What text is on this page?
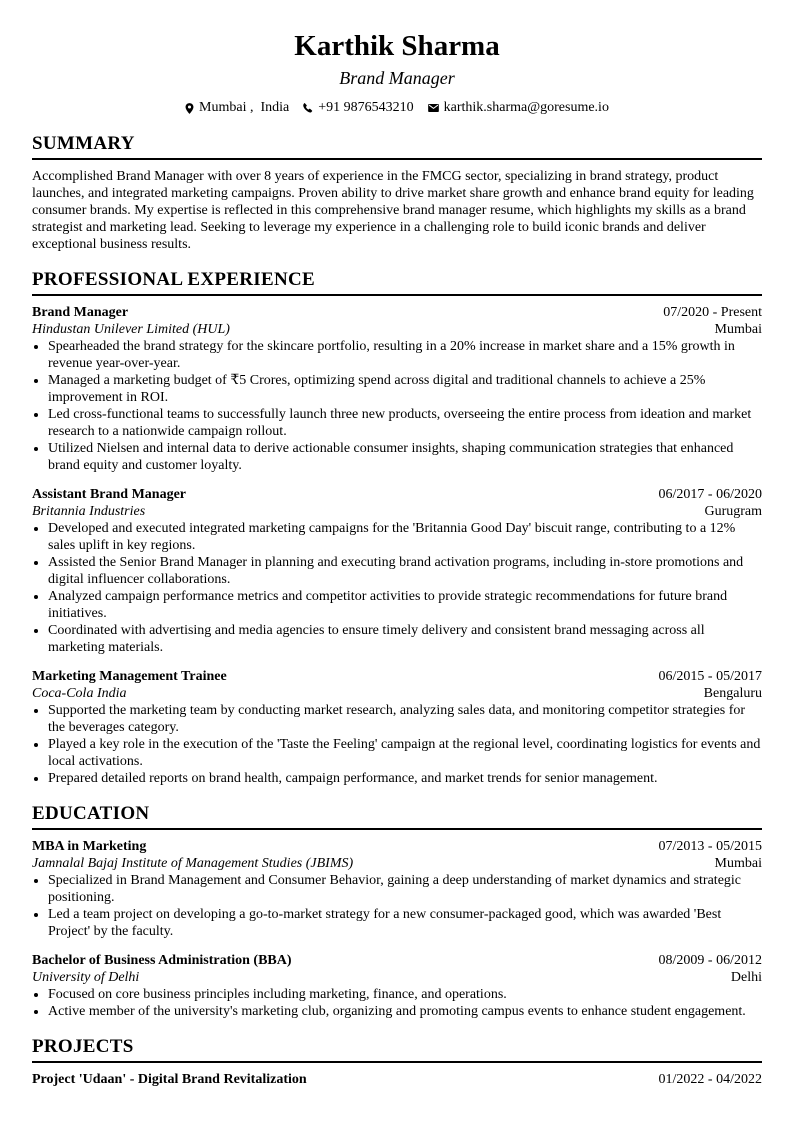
Karthik Sharma
Brand Manager
Mumbai ,  India +91 9876543210 karthik.sharma@goresume.io
SUMMARY

Accomplished Brand Manager with over 8 years of experience in the FMCG sector, specializing in brand strategy, product launches, and integrated marketing campaigns. Proven ability to drive market share growth and enhance brand equity for leading consumer brands. My expertise is reflected in this comprehensive brand manager resume, which highlights my skills as a brand strategist and marketing lead. Seeking to leverage my experience in a challenging role to build iconic brands and deliver exceptional business results.

PROFESSIONAL EXPERIENCE
Brand Manager	07/2020 - Present
Hindustan Unilever Limited (HUL)	Mumbai
• Spearheaded the brand strategy for the skincare portfolio, resulting in a 20% increase in market share and a 15% growth in revenue year-over-year.
• Managed a marketing budget of ₹5 Crores, optimizing spend across digital and traditional channels to achieve a 25% improvement in ROI.
• Led cross-functional teams to successfully launch three new products, overseeing the entire process from ideation and market research to a nationwide campaign rollout.
• Utilized Nielsen and internal data to derive actionable consumer insights, shaping communication strategies that enhanced brand equity and customer loyalty.
Assistant Brand Manager	06/2017 - 06/2020
Britannia Industries	Gurugram
• Developed and executed integrated marketing campaigns for the 'Britannia Good Day' biscuit range, contributing to a 12% sales uplift in key regions.
• Assisted the Senior Brand Manager in planning and executing brand activation programs, including in-store promotions and digital influencer collaborations.
• Analyzed campaign performance metrics and competitor activities to provide strategic recommendations for future brand initiatives.
• Coordinated with advertising and media agencies to ensure timely delivery and consistent brand messaging across all marketing materials.
Marketing Management Trainee	06/2015 - 05/2017
Coca-Cola India	Bengaluru
• Supported the marketing team by conducting market research, analyzing sales data, and monitoring competitor strategies for the beverages category.
• Played a key role in the execution of the 'Taste the Feeling' campaign at the regional level, coordinating logistics for events and local activations.
• Prepared detailed reports on brand health, campaign performance, and market trends for senior management.
EDUCATION
MBA in Marketing	07/2013 - 05/2015
Jamnalal Bajaj Institute of Management Studies (JBIMS)	Mumbai
• Specialized in Brand Management and Consumer Behavior, gaining a deep understanding of market dynamics and strategic positioning.
• Led a team project on developing a go-to-market strategy for a new consumer-packaged good, which was awarded 'Best Project' by the faculty.
Bachelor of Business Administration (BBA)	08/2009 - 06/2012
University of Delhi	Delhi
• Focused on core business principles including marketing, finance, and operations.
• Active member of the university's marketing club, organizing and promoting campus events to enhance student engagement.
PROJECTS
Project 'Udaan' - Digital Brand Revitalization	01/2022 - 04/2022
